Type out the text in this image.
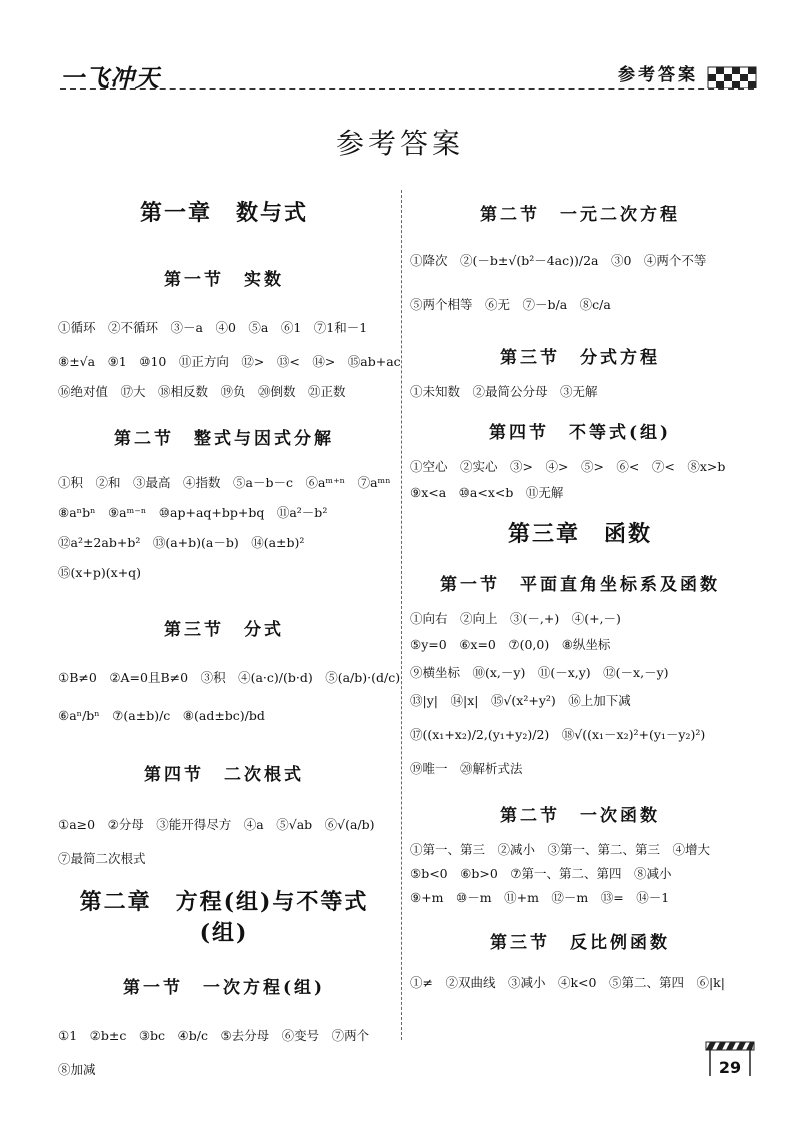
一飞冲天	参考答案
参考答案
第一章　数与式
第一节　实数
①循环　②不循环　③－a　④0　⑤a　⑥1　⑦1和－1
⑧±√a　⑨1　⑩10　⑪正方向　⑫>　⑬<　⑭>　⑮ab+ac
⑯绝对值　⑰大　⑱相反数　⑲负　⑳倒数　㉑正数
第二节　整式与因式分解
①积　②和　③最高　④指数　⑤a－b－c　⑥aᵐ⁺ⁿ　⑦aᵐⁿ
⑧aⁿbⁿ　⑨aᵐ⁻ⁿ　⑩ap+aq+bp+bq　⑪a²－b²
⑫a²±2ab+b²　⑬(a+b)(a－b)　⑭(a±b)²
⑮(x+p)(x+q)
第三节　分式
①B≠0　②A=0且B≠0　③积　④(a·c)/(b·d)　⑤(a/b)·(d/c)
⑥aⁿ/bⁿ　⑦(a±b)/c　⑧(ad±bc)/bd
第四节　二次根式
①a≥0　②分母　③能开得尽方　④a　⑤√ab　⑥√(a/b)
⑦最简二次根式
第二章　方程(组)与不等式(组)
第一节　一次方程(组)
①1　②b±c　③bc　④b/c　⑤去分母　⑥变号　⑦两个
⑧加减
第二节　一元二次方程
①降次　②(－b±√(b²－4ac))/2a　③0　④两个不等
⑤两个相等　⑥无　⑦－b/a　⑧c/a
第三节　分式方程
①未知数　②最简公分母　③无解
第四节　不等式(组)
①空心　②实心　③>　④>　⑤>　⑥<　⑦<　⑧x>b
⑨x<a　⑩a<x<b　⑪无解
第三章　函数
第一节　平面直角坐标系及函数
①向右　②向上　③(－,+)　④(+,－)
⑤y=0　⑥x=0　⑦(0,0)　⑧纵坐标
⑨横坐标　⑩(x,－y)　⑪(－x,y)　⑫(－x,－y)
⑬|y|　⑭|x|　⑮√(x²+y²)　⑯上加下减
⑰((x₁+x₂)/2,(y₁+y₂)/2)　⑱√((x₁－x₂)²+(y₁－y₂)²)
⑲唯一　⑳解析式法
第二节　一次函数
①第一、第三　②减小　③第一、第二、第三　④增大
⑤b<0　⑥b>0　⑦第一、第二、第四　⑧减小
⑨+m　⑩－m　⑪+m　⑫－m　⑬=　⑭－1
第三节　反比例函数
①≠　②双曲线　③减小　④k<0　⑤第二、第四　⑥|k|
29
